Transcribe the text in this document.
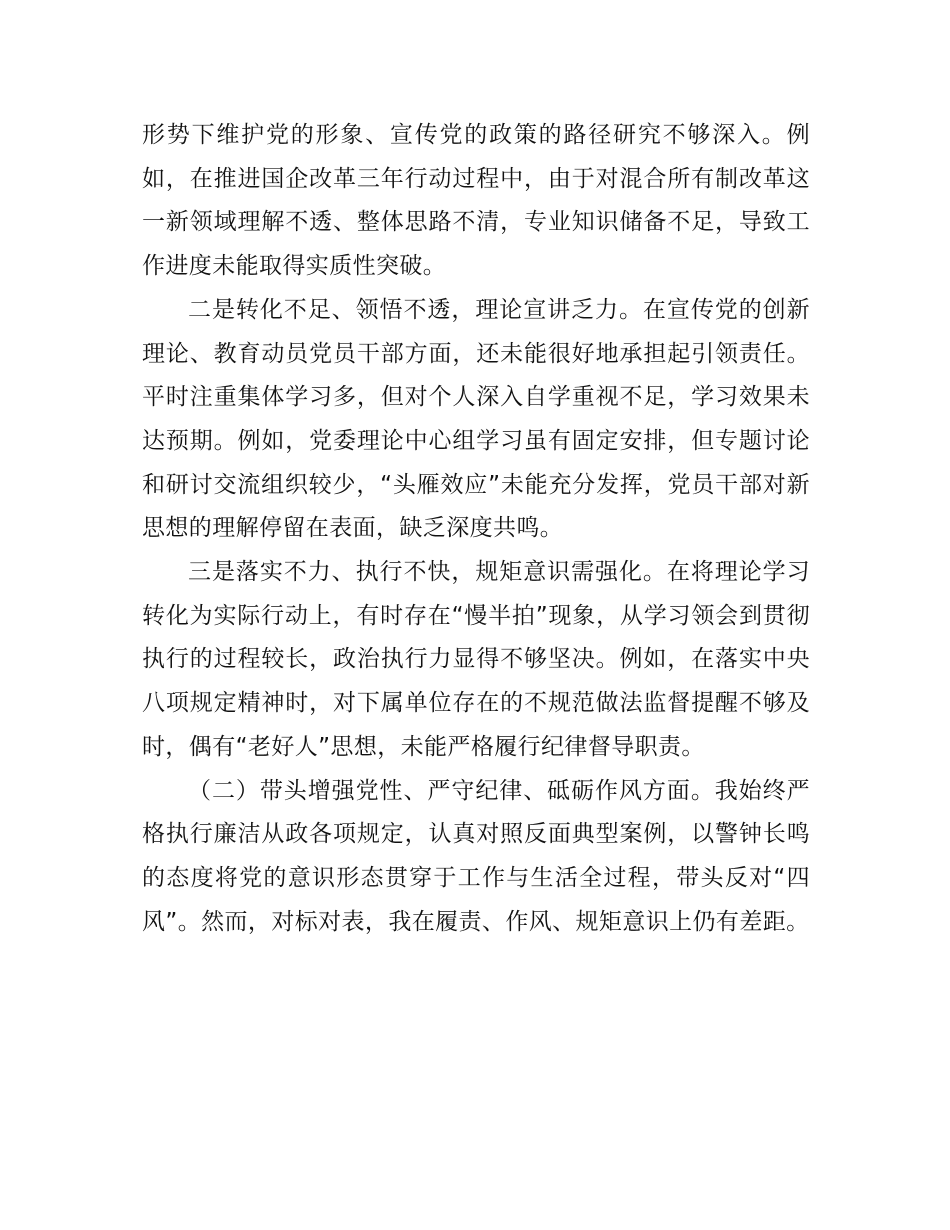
形势下维护党的形象、宣传党的政策的路径研究不够深入。例如，在推进国企改革三年行动过程中，由于对混合所有制改革这一新领域理解不透、整体思路不清，专业知识储备不足，导致工作进度未能取得实质性突破。

二是转化不足、领悟不透，理论宣讲乏力。在宣传党的创新理论、教育动员党员干部方面，还未能很好地承担起引领责任。平时注重集体学习多，但对个人深入自学重视不足，学习效果未达预期。例如，党委理论中心组学习虽有固定安排，但专题讨论和研讨交流组织较少，“头雁效应”未能充分发挥，党员干部对新思想的理解停留在表面，缺乏深度共鸣。

三是落实不力、执行不快，规矩意识需强化。在将理论学习转化为实际行动上，有时存在“慢半拍”现象，从学习领会到贯彻执行的过程较长，政治执行力显得不够坚决。例如，在落实中央八项规定精神时，对下属单位存在的不规范做法监督提醒不够及时，偶有“老好人”思想，未能严格履行纪律督导职责。

（二）带头增强党性、严守纪律、砥砺作风方面。我始终严格执行廉洁从政各项规定，认真对照反面典型案例，以警钟长鸣的态度将党的意识形态贯穿于工作与生活全过程，带头反对“四风”。然而，对标对表，我在履责、作风、规矩意识上仍有差距。
